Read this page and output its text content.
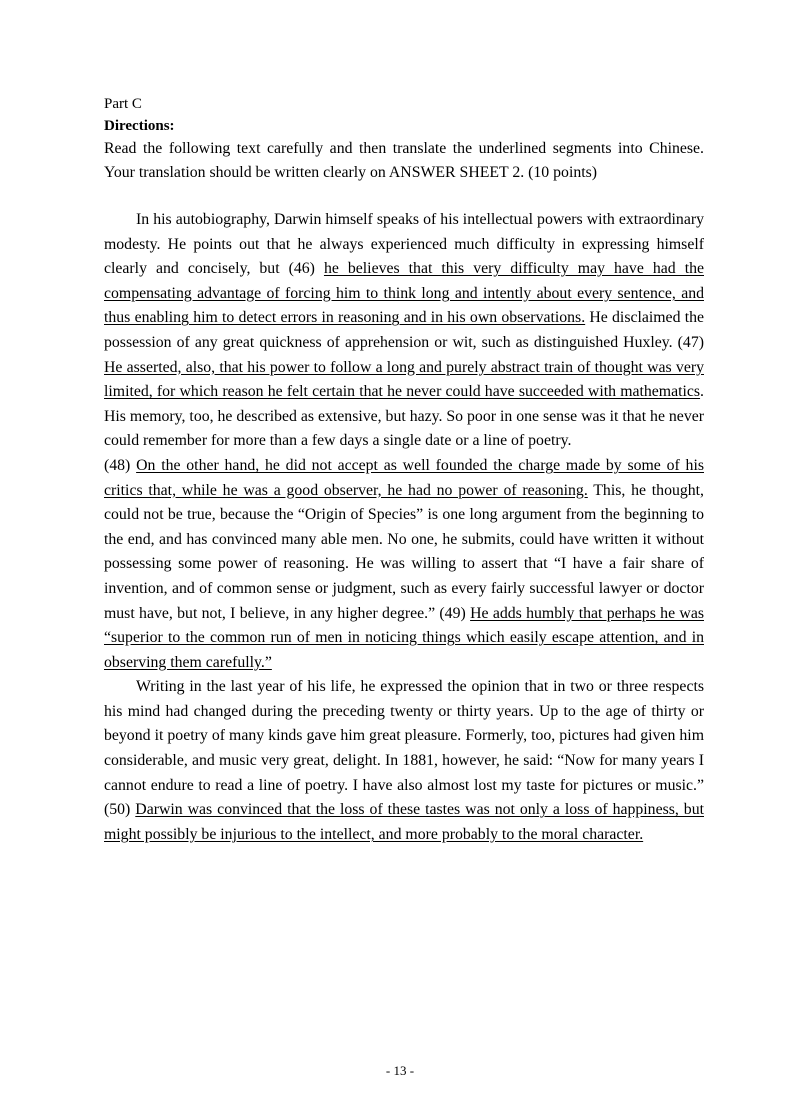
Part C

Directions:

Read the following text carefully and then translate the underlined segments into Chinese. Your translation should be written clearly on ANSWER SHEET 2. (10 points)

In his autobiography, Darwin himself speaks of his intellectual powers with extraordinary modesty. He points out that he always experienced much difficulty in expressing himself clearly and concisely, but (46) he believes that this very difficulty may have had the compensating advantage of forcing him to think long and intently about every sentence, and thus enabling him to detect errors in reasoning and in his own observations. He disclaimed the possession of any great quickness of apprehension or wit, such as distinguished Huxley. (47) He asserted, also, that his power to follow a long and purely abstract train of thought was very limited, for which reason he felt certain that he never could have succeeded with mathematics. His memory, too, he described as extensive, but hazy. So poor in one sense was it that he never could remember for more than a few days a single date or a line of poetry.

(48) On the other hand, he did not accept as well founded the charge made by some of his critics that, while he was a good observer, he had no power of reasoning. This, he thought, could not be true, because the “Origin of Species” is one long argument from the beginning to the end, and has convinced many able men. No one, he submits, could have written it without possessing some power of reasoning. He was willing to assert that “I have a fair share of invention, and of common sense or judgment, such as every fairly successful lawyer or doctor must have, but not, I believe, in any higher degree.” (49) He adds humbly that perhaps he was “superior to the common run of men in noticing things which easily escape attention, and in observing them carefully.”

Writing in the last year of his life, he expressed the opinion that in two or three respects his mind had changed during the preceding twenty or thirty years. Up to the age of thirty or beyond it poetry of many kinds gave him great pleasure. Formerly, too, pictures had given him considerable, and music very great, delight. In 1881, however, he said: “Now for many years I cannot endure to read a line of poetry. I have also almost lost my taste for pictures or music.” (50) Darwin was convinced that the loss of these tastes was not only a loss of happiness, but might possibly be injurious to the intellect, and more probably to the moral character.

- 13 -
